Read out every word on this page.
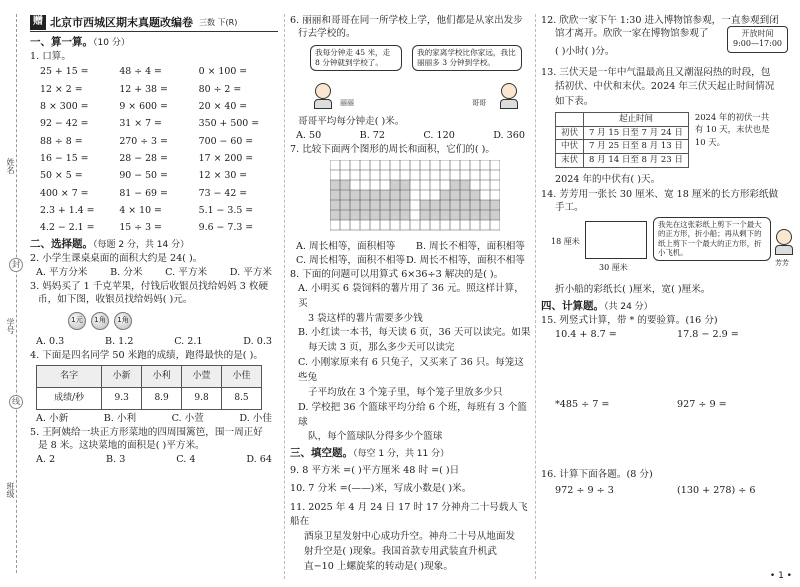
姓名
封
学号
线
班级
赠 北京市西城区期末真题改编卷 三数 下(R)
一、算一算。（10 分）
1. 口算。
25 + 15 =	48 ÷ 4 =	0 × 100 =
12 × 2 =	12 + 38 =	80 ÷ 2 =
8 × 300 =	9 × 600 =	20 × 40 =
92 − 42 =	31 × 7 =	350 + 500 =
88 ÷ 8 =	270 ÷ 3 =	700 − 60 =
16 − 15 =	28 − 28 =	17 × 200 =
50 × 5 =	90 − 50 =	12 × 30 =
400 × 7 =	81 − 69 =	73 − 42 =
2.3 + 1.4 =	4 × 10 =	5.1 − 3.5 =
4.2 − 2.1 =	15 ÷ 3 =	9.6 − 7.3 =
二、选择题。（每题 2 分，共 14 分）
2. 小学生课桌桌面的面积大约是 24( )。
A. 平方分米 B. 分米 C. 平方米 D. 平方米
3. 妈妈买了 1 千克苹果，付钱后收银员找给妈妈 3 枚硬
币，如下图，收银员找给妈妈( )元。
1元	1角	1角
A. 0.3	B. 1.2	C. 2.1	D. 0.3
4. 下面是四名同学 50 米跑的成绩，跑得最快的是( )。
名字	小新	小利	小萱	小佳
成绩/秒	9.3	8.9	9.8	8.5
A. 小新	B. 小利	C. 小萱	D. 小佳
5. 王阿姨给一块正方形菜地的四周围篱笆，围一周正好
是 8 米。这块菜地的面积是( )平方米。
A. 2	B. 3	C. 4	D. 64
6. 丽丽和哥哥在同一所学校上学，他们都是从家出发步
行去学校的。
我每分钟走 45 米，走 8 分钟就到学校了。
我的家离学校比你家远，我比丽丽多 3 分钟到学校。
丽丽	哥哥
哥哥平均每分钟走( )米。
A. 50	B. 72	C. 120	D. 360
7. 比较下面两个图形的周长和面积，它们的( )。
A. 周长相等，面积相等 B. 周长不相等，面积相等
C. 周长相等，面积不相等 D. 周长不相等，面积不相等
8. 下面的问题可以用算式 6×36÷3 解决的是( )。
A. 小明买 6 袋饲料的薯片用了 36 元。照这样计算，买
3 袋这样的薯片需要多少钱
B. 小红读一本书，每天读 6 页，36 天可以读完。如果
每天读 3 页，那么多少天可以读完
C. 小刚家原来有 6 只兔子，又买来了 36 只。每笼这些兔
子平均放在 3 个笼子里，每个笼子里放多少只
D. 学校把 36 个篮球平均分给 6 个班，每班有 3 个篮球
队，每个篮球队分得多少个篮球
三、填空题。（每空 1 分，共 11 分）
9. 8 平方米 =( )平方厘米 48 时 =( )日
10. 7 分米 =(——)米，写成小数是( )米。
11. 2025 年 4 月 24 日 17 时 17 分神舟二十号载人飞船在
酒泉卫星发射中心成功升空。神舟二十号从地面发
射升空是( )现象。我国首款专用武装直升机武
直−10 上螺旋桨的转动是( )现象。
12. 欣欣一家下午 1:30 进入博物馆参观，一直参观到闭
馆才离开。欣欣一家在博物馆参观了
( )小时( )分。
开放时间
9:00—17:00
13. 三伏天是一年中气温最高且又潮湿闷热的时段，包
括初伏、中伏和末伏。2024 年三伏天起止时间情况
如下表。
	起止时间
初伏	7 月 15 日至 7 月 24 日
中伏	7 月 25 日至 8 月 13 日
末伏	8 月 14 日至 8 月 23 日
2024 年的初伏一共有 10 天，末伏也是 10 天。
2024 年的中伏有( )天。
14. 芳芳用一张长 30 厘米、宽 18 厘米的长方形彩纸做
手工。
18 厘米
30 厘米
我先在这张彩纸上剪下一个最大的正方形，折小船；再从剩下的纸上剪下一个最大的正方形，折小飞机。
芳芳
折小船的彩纸长( )厘米，宽( )厘米。
四、计算题。（共 24 分）
15. 列竖式计算，带 * 的要验算。(16 分)
10.4 + 8.7 =	17.8 − 2.9 =
*485 ÷ 7 =	927 ÷ 9 =
16. 计算下面各题。(8 分)
972 ÷ 9 ÷ 3	(130 + 278) ÷ 6
• 1 •
